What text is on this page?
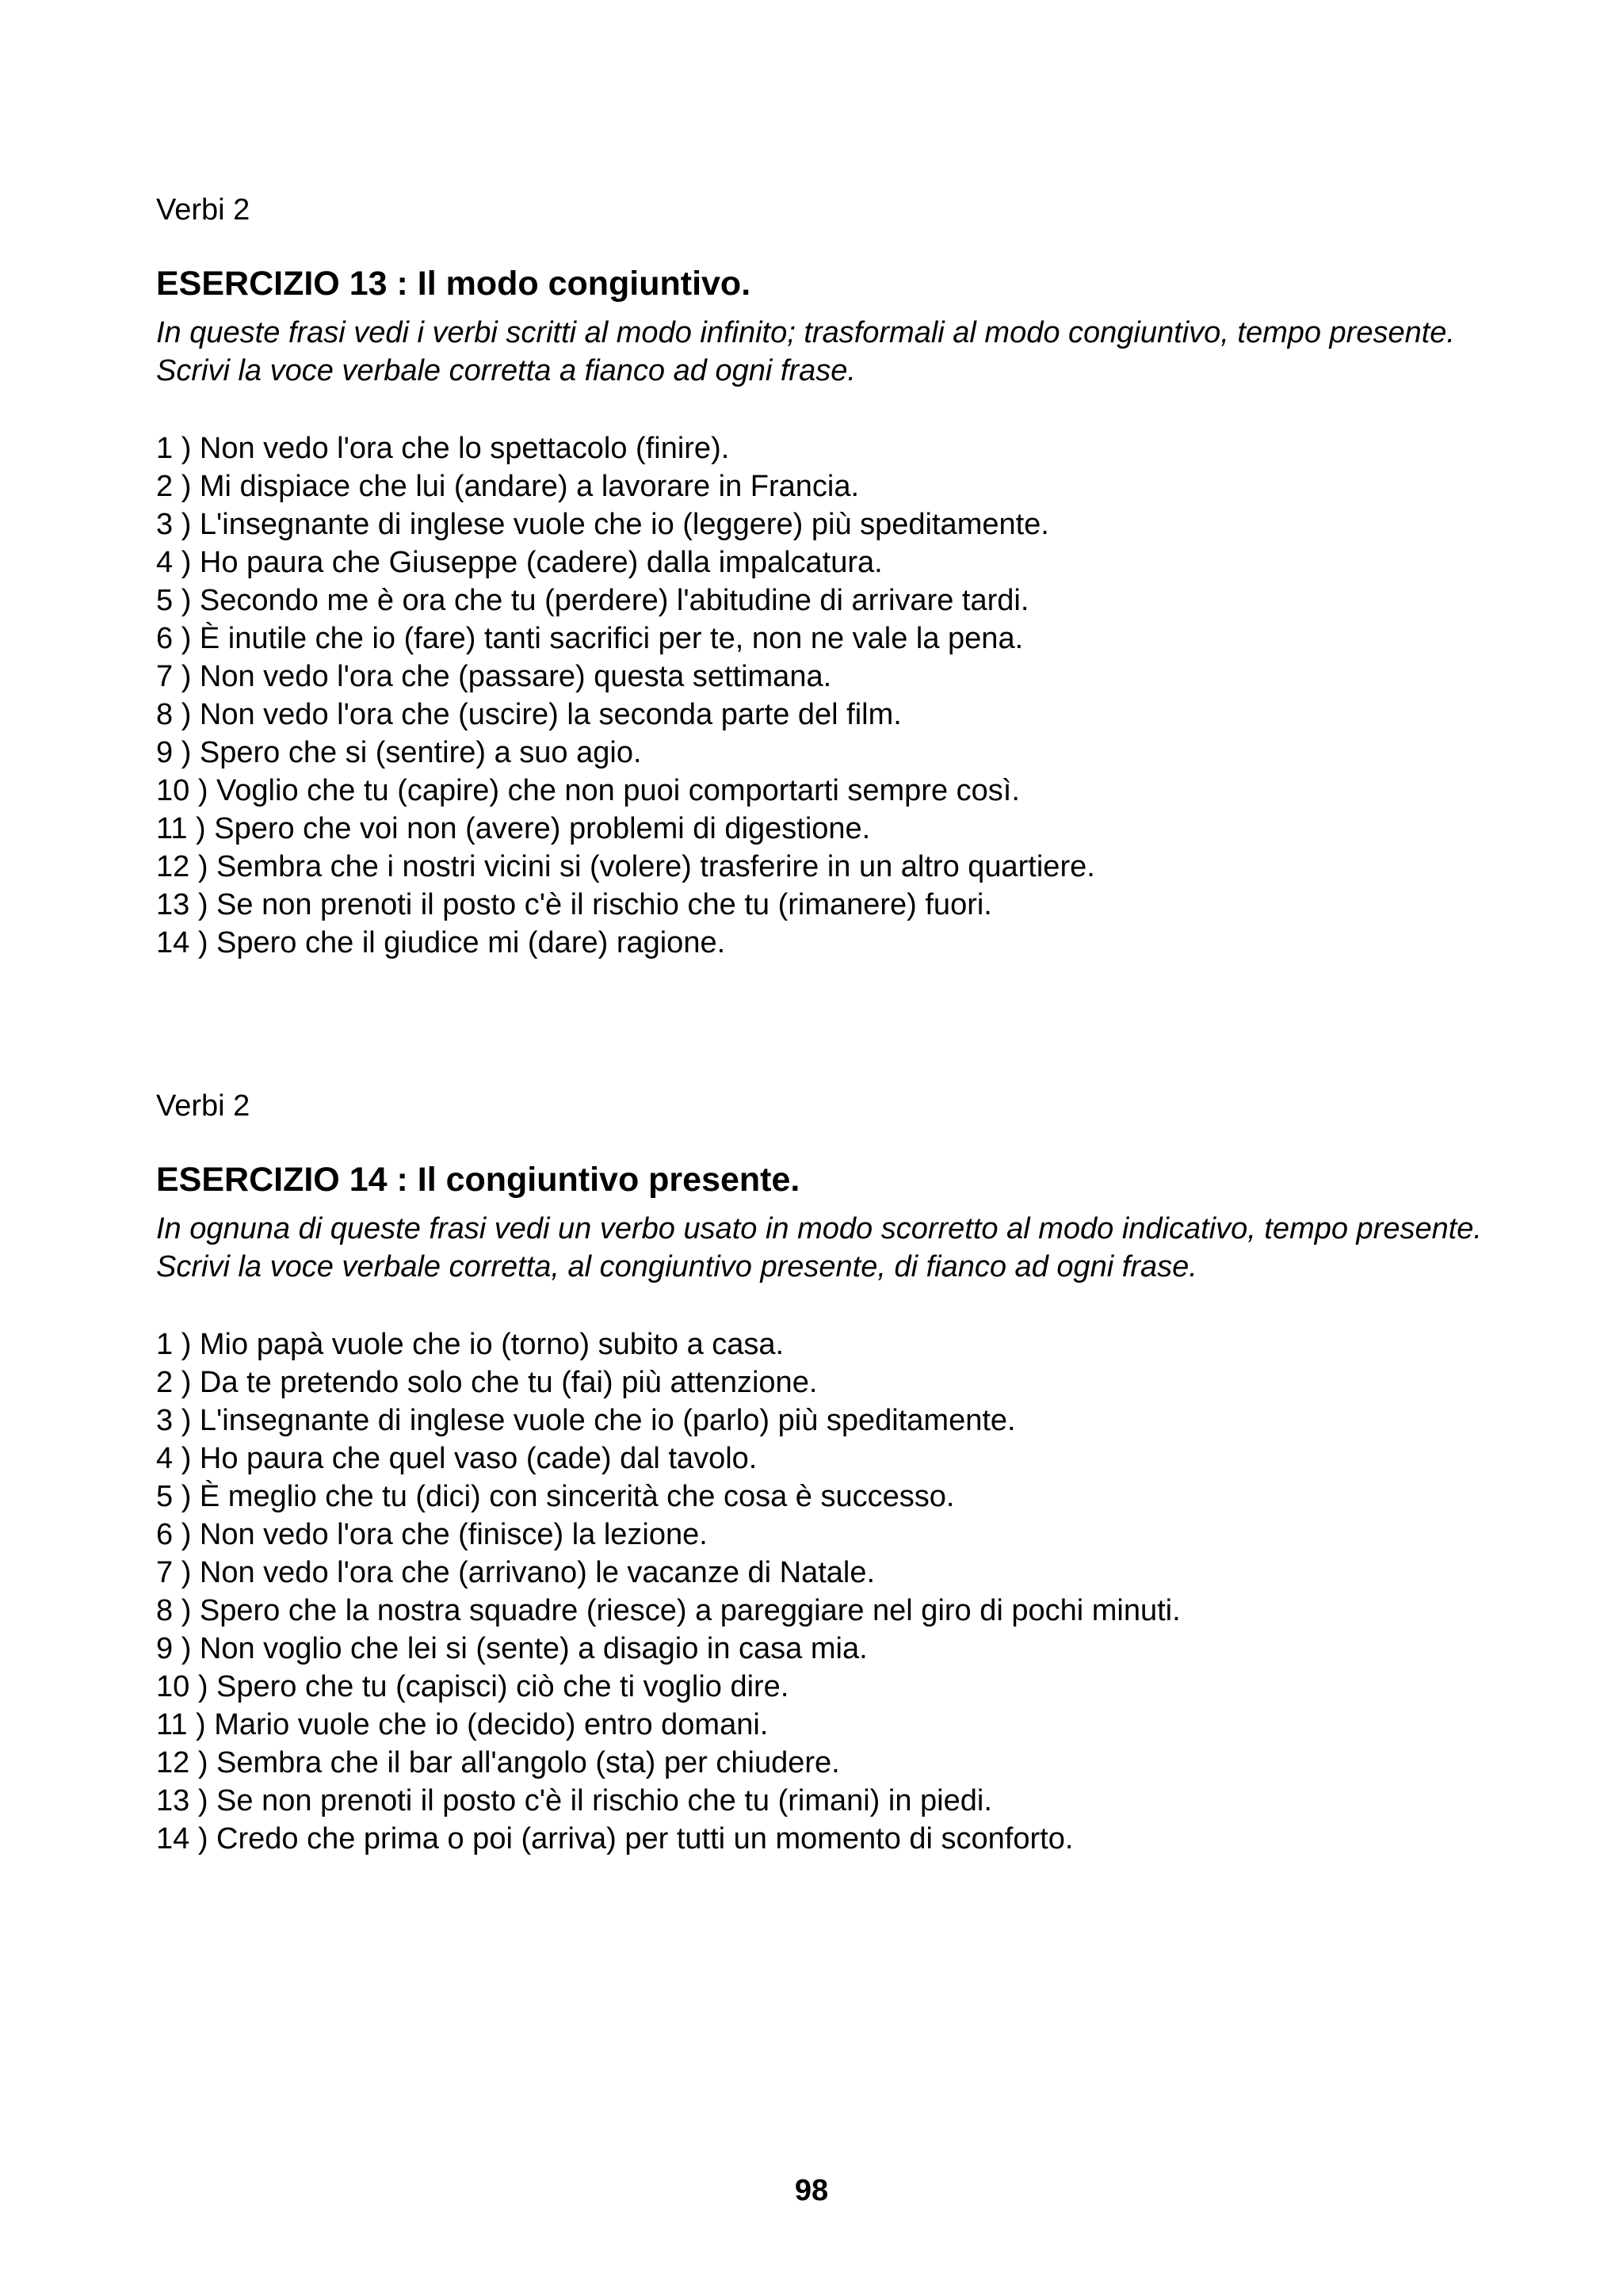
Verbi 2

ESERCIZIO 13 : Il modo congiuntivo.

In queste frasi vedi i verbi scritti al modo infinito; trasformali al modo congiuntivo, tempo presente. Scrivi la voce verbale corretta a fianco ad ogni frase.

1 ) Non vedo l'ora che lo spettacolo (finire).
2 ) Mi dispiace che lui (andare) a lavorare in Francia.
3 ) L'insegnante di inglese vuole che io (leggere) più speditamente.
4 ) Ho paura che Giuseppe (cadere) dalla impalcatura.
5 ) Secondo me è ora che tu (perdere) l'abitudine di arrivare tardi.
6 ) È inutile che io (fare) tanti sacrifici per te, non ne vale la pena.
7 ) Non vedo l'ora che (passare) questa settimana.
8 ) Non vedo l'ora che (uscire) la seconda parte del film.
9 ) Spero che si (sentire) a suo agio.
10 ) Voglio che tu (capire) che non puoi comportarti sempre così.
11 ) Spero che voi non (avere) problemi di digestione.
12 ) Sembra che i nostri vicini si (volere) trasferire in un altro quartiere.
13 ) Se non prenoti il posto c'è il rischio che tu (rimanere) fuori.
14 ) Spero che il giudice mi (dare) ragione.

Verbi 2

ESERCIZIO 14 : Il congiuntivo presente.

In ognuna di queste frasi vedi un verbo usato in modo scorretto al modo indicativo, tempo presente. Scrivi la voce verbale corretta, al congiuntivo presente, di fianco ad ogni frase.

1 ) Mio papà vuole che io (torno) subito a casa.
2 ) Da te pretendo solo che tu (fai) più attenzione.
3 ) L'insegnante di inglese vuole che io (parlo) più speditamente.
4 ) Ho paura che quel vaso (cade) dal tavolo.
5 ) È meglio che tu (dici) con sincerità che cosa è successo.
6 ) Non vedo l'ora che (finisce) la lezione.
7 ) Non vedo l'ora che (arrivano) le vacanze di Natale.
8 ) Spero che la nostra squadre (riesce) a pareggiare nel giro di pochi minuti.
9 ) Non voglio che lei si (sente) a disagio in casa mia.
10 ) Spero che tu (capisci) ciò che ti voglio dire.
11 ) Mario vuole che io (decido) entro domani.
12 ) Sembra che il bar all'angolo (sta) per chiudere.
13 ) Se non prenoti il posto c'è il rischio che tu (rimani) in piedi.
14 ) Credo che prima o poi (arriva) per tutti un momento di sconforto.
98
